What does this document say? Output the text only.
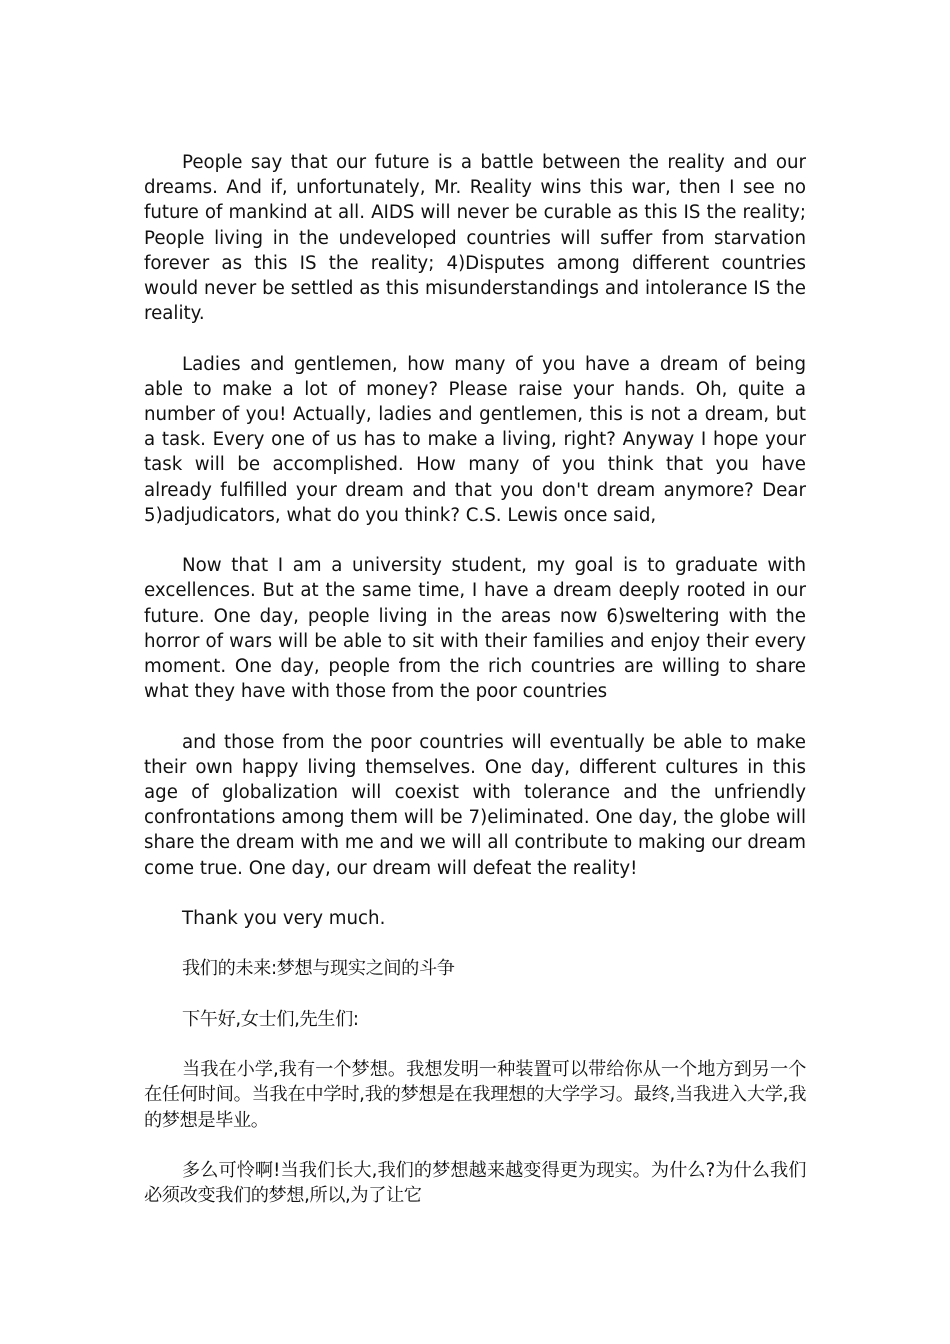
People say that our future is a battle between the reality and our dreams. And if, unfortunately, Mr. Reality wins this war, then I see no future of mankind at all. AIDS will never be curable as this IS the reality; People living in the undeveloped countries will suffer from starvation forever as this IS the reality; 4)Disputes among different countries would never be settled as this misunderstandings and intolerance IS the reality.

Ladies and gentlemen, how many of you have a dream of being able to make a lot of money? Please raise your hands. Oh, quite a number of you! Actually, ladies and gentlemen, this is not a dream, but a task. Every one of us has to make a living, right? Anyway I hope your task will be accomplished. How many of you think that you have already fulfilled your dream and that you don't dream anymore? Dear 5)adjudicators, what do you think? C.S. Lewis once said,

Now that I am a university student, my goal is to graduate with excellences. But at the same time, I have a dream deeply rooted in our future. One day, people living in the areas now 6)sweltering with the horror of wars will be able to sit with their families and enjoy their every moment. One day, people from the rich countries are willing to share what they have with those from the poor countries

and those from the poor countries will eventually be able to make their own happy living themselves. One day, different cultures in this age of globalization will coexist with tolerance and the unfriendly confrontations among them will be 7)eliminated. One day, the globe will share the dream with me and we will all contribute to making our dream come true. One day, our dream will defeat the reality!

Thank you very much.

我们的未来:梦想与现实之间的斗争

下午好,女士们,先生们:

当我在小学,我有一个梦想。我想发明一种装置可以带给你从一个地方到另一个在任何时间。当我在中学时,我的梦想是在我理想的大学学习。最终,当我进入大学,我的梦想是毕业。

多么可怜啊!当我们长大,我们的梦想越来越变得更为现实。为什么?为什么我们必须改变我们的梦想,所以,为了让它
